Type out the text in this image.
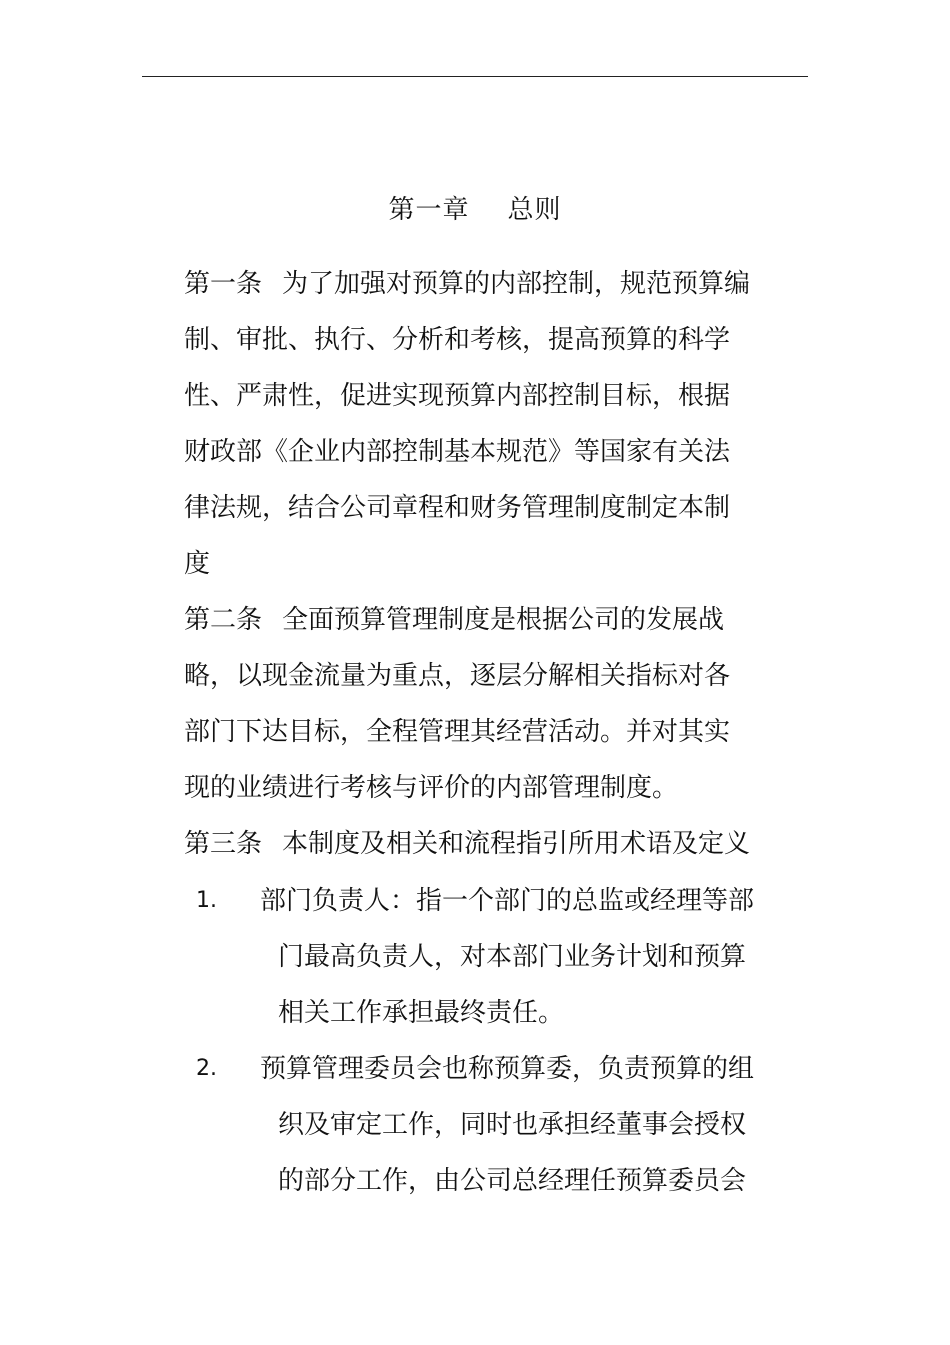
第一章 总则
第一条 为了加强对预算的内部控制，规范预算编
制、审批、执行、分析和考核，提高预算的科学
性、严肃性，促进实现预算内部控制目标，根据
财政部《企业内部控制基本规范》等国家有关法
律法规，结合公司章程和财务管理制度制定本制
度
第二条 全面预算管理制度是根据公司的发展战
略，以现金流量为重点，逐层分解相关指标对各
部门下达目标，全程管理其经营活动。并对其实
现的业绩进行考核与评价的内部管理制度。
第三条 本制度及相关和流程指引所用术语及定义
1. 部门负责人：指一个部门的总监或经理等部
门最高负责人，对本部门业务计划和预算
相关工作承担最终责任。
2. 预算管理委员会也称预算委，负责预算的组
织及审定工作，同时也承担经董事会授权
的部分工作，由公司总经理任预算委员会
